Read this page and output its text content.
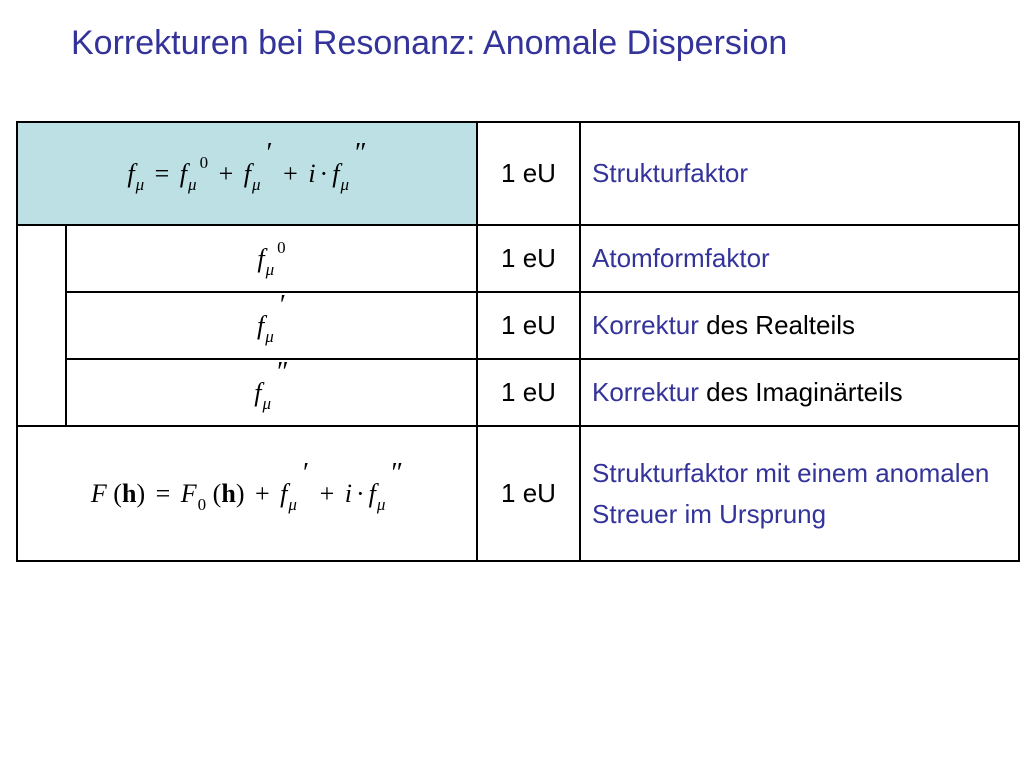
Korrekturen bei Resonanz: Anomale Dispersion
$f_\mu = f_\mu^0 + f_\mu' + i \cdot f_\mu''$		1 eU	Strukturfaktor
	$f_\mu^0$	1 eU	Atomformfaktor
	$f_\mu'$	1 eU	Korrektur des Realteils
	$f_\mu''$	1 eU	Korrektur des Imaginärteils
F $(h) = F_0$ $(h) + f_\mu' + i \cdot f_\mu''$		1 eU	Strukturfaktor mit einem anomalen Streuer im Ursprung
